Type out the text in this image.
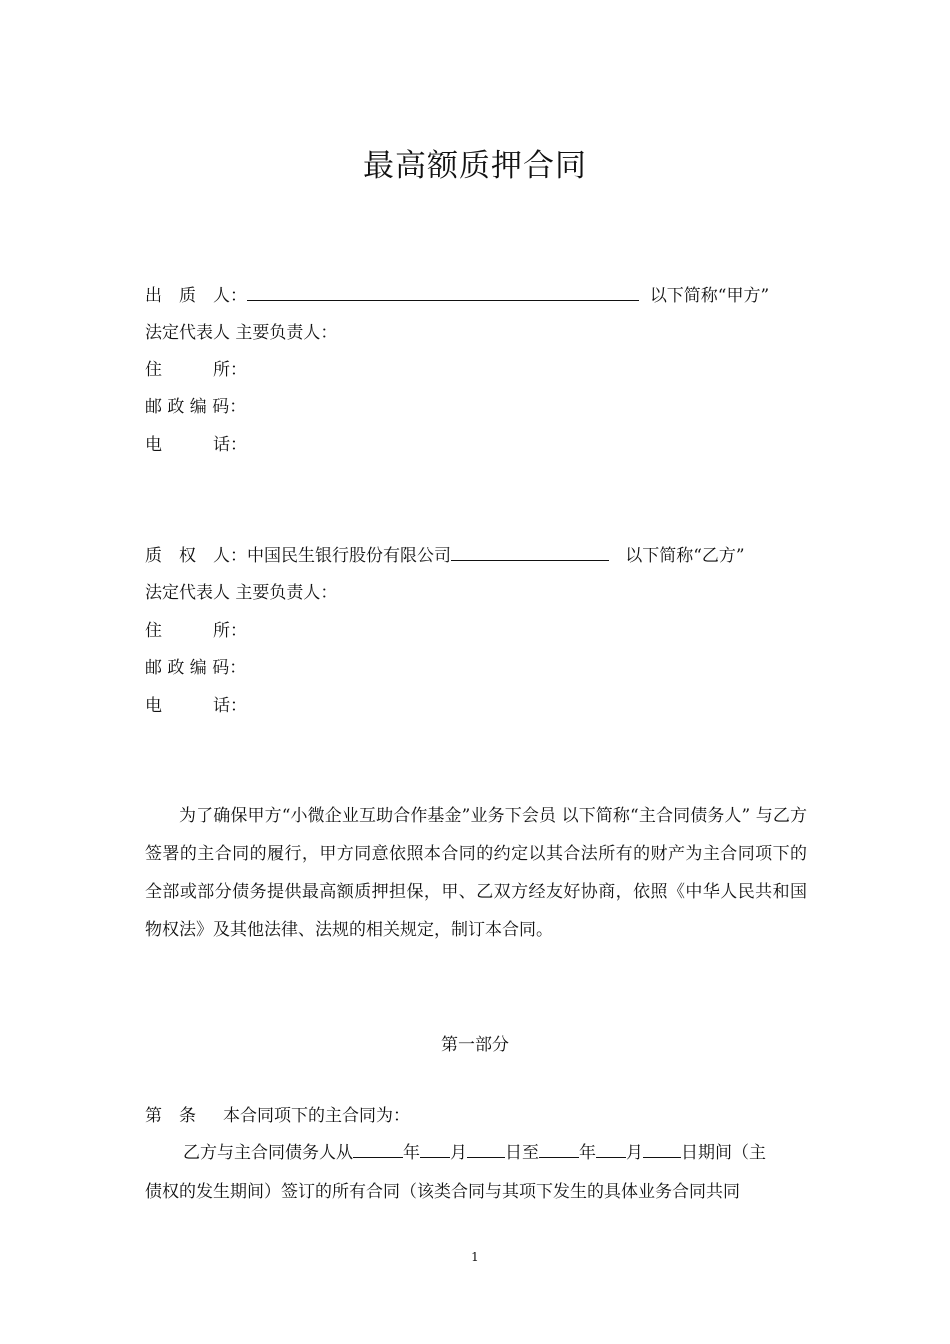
最高额质押合同
出　质　人：	以下简称“甲方”
法定代表人 主要负责人：
住　　　所：
邮 政 编 码：
电　　　话：
质　权　人：中国民生银行股份有限公司	以下简称“乙方”
法定代表人 主要负责人：
住　　　所：
邮 政 编 码：
电　　　话：
为了确保甲方“小微企业互助合作基金”业务下会员 以下简称“主合同债务人” 与乙方签署的主合同的履行，甲方同意依照本合同的约定以其合法所有的财产为主合同项下的全部或部分债务提供最高额质押担保，甲、乙双方经友好协商，依照《中华人民共和国物权法》及其他法律、法规的相关规定，制订本合同。
第一部分
第　条 本合同项下的主合同为：
乙方与主合同债务人从	年 月 日至 年 月 日期间（主
债权的发生期间）签订的所有合同（该类合同与其项下发生的具体业务合同共同
1
